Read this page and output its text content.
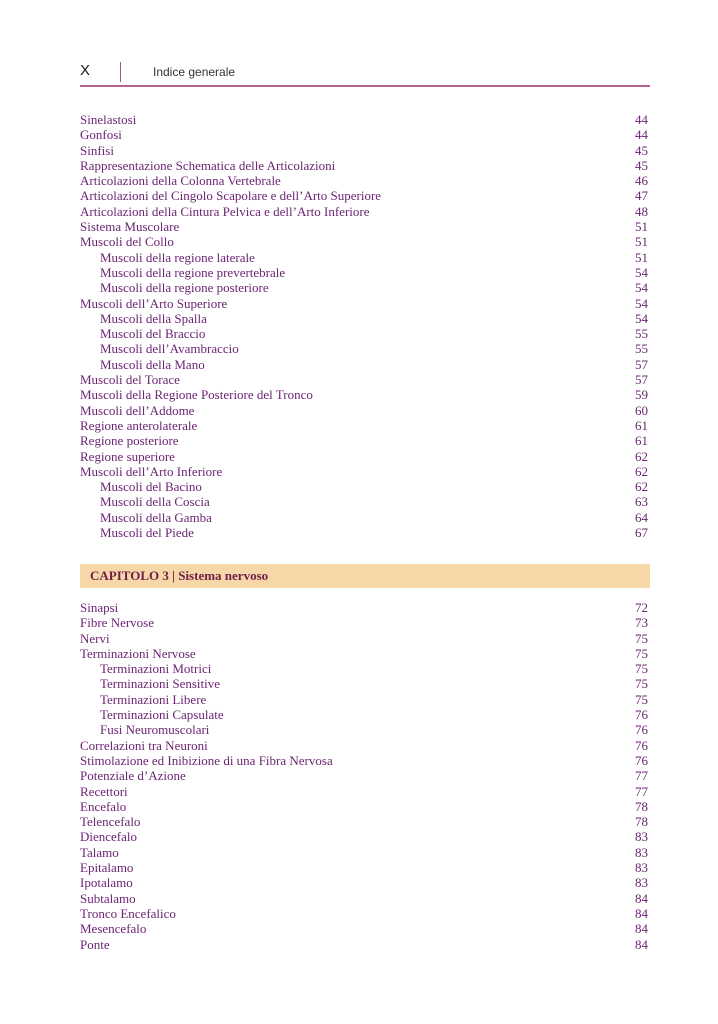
X	Indice generale
Sinelastosi	44
Gonfosi	44
Sinfisi	45
Rappresentazione Schematica delle Articolazioni	45
Articolazioni della Colonna Vertebrale	46
Articolazioni del Cingolo Scapolare e dell’Arto Superiore	47
Articolazioni della Cintura Pelvica e dell’Arto Inferiore	48
Sistema Muscolare	51
Muscoli del Collo	51
Muscoli della regione laterale	51
Muscoli della regione prevertebrale	54
Muscoli della regione posteriore	54
Muscoli dell’Arto Superiore	54
Muscoli della Spalla	54
Muscoli del Braccio	55
Muscoli dell’Avambraccio	55
Muscoli della Mano	57
Muscoli del Torace	57
Muscoli della Regione Posteriore del Tronco	59
Muscoli dell’Addome	60
Regione anterolaterale	61
Regione posteriore	61
Regione superiore	62
Muscoli dell’Arto Inferiore	62
Muscoli del Bacino	62
Muscoli della Coscia	63
Muscoli della Gamba	64
Muscoli del Piede	67
CAPITOLO 3 | Sistema nervoso
Sinapsi	72
Fibre Nervose	73
Nervi	75
Terminazioni Nervose	75
Terminazioni Motrici	75
Terminazioni Sensitive	75
Terminazioni Libere	75
Terminazioni Capsulate	76
Fusi Neuromuscolari	76
Correlazioni tra Neuroni	76
Stimolazione ed Inibizione di una Fibra Nervosa	76
Potenziale d’Azione	77
Recettori	77
Encefalo	78
Telencefalo	78
Diencefalo	83
Talamo	83
Epitalamo	83
Ipotalamo	83
Subtalamo	84
Tronco Encefalico	84
Mesencefalo	84
Ponte	84
